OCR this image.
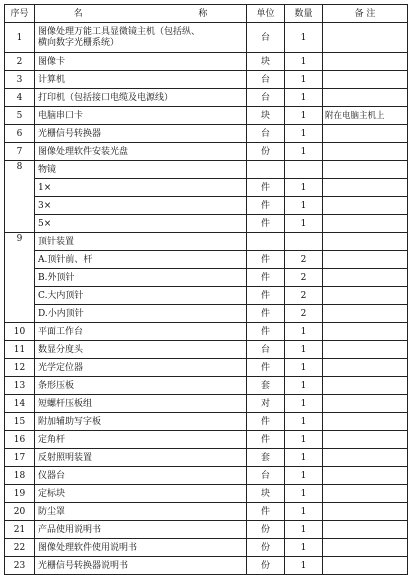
序号	名 称	单位	数量	备 注
1	图像处理万能工具显微镜主机（包括纵、
横向数字光栅系统）	台	1	
2	图像卡	块	1	
3	计算机	台	1	
4	打印机（包括接口电缆及电源线）	台	1	
5	电脑串口卡	块	1	附在电脑主机上
6	光栅信号转换器	台	1	
7	图像处理软件安装光盘	份	1	
8	物镜			
	1×	件	1	
	3×	件	1	
	5×	件	1	
9	顶针装置			
	A.顶针前、杆	件	2	
	B.外顶针	件	2	
	C.大内顶针	件	2	
	D.小内顶针	件	2	
10	平面工作台	件	1	
11	数显分度头	台	1	
12	光学定位器	件	1	
13	条形压板	套	1	
14	短螺杆压板组	对	1	
15	附加辅助写字板	件	1	
16	定角杆	件	1	
17	反射照明装置	套	1	
18	仪器台	台	1	
19	定标块	块	1	
20	防尘罩	件	1	
21	产品使用说明书	份	1	
22	图像处理软件使用说明书	份	1	
23	光栅信号转换器说明书	份	1	
